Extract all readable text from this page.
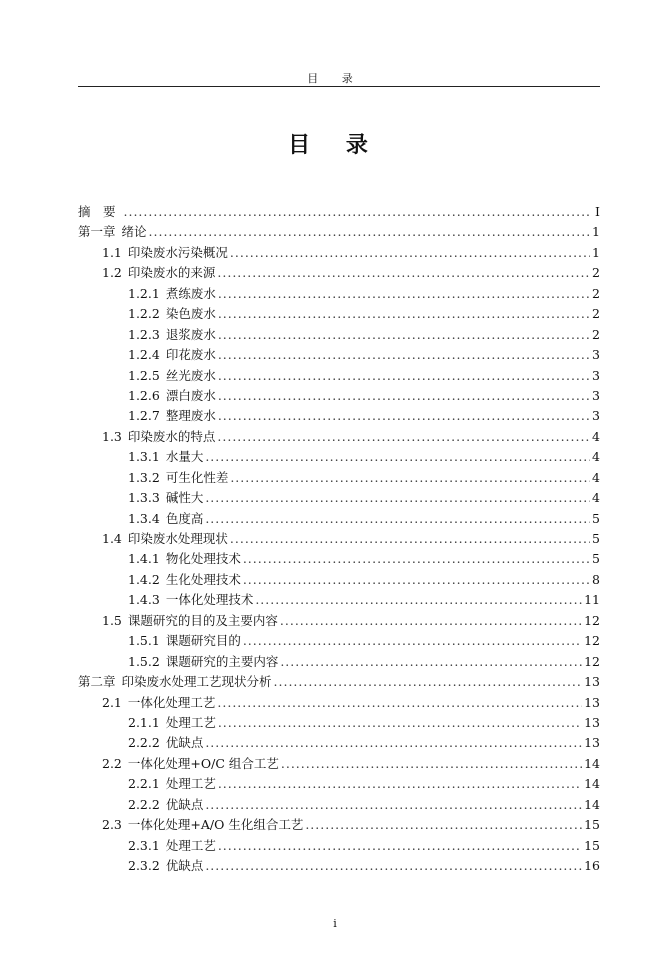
目 录
目 录
摘　要 .....	I
第一章 绪论 .....	1
1.1 印染废水污染概况 .....	1
1.2 印染废水的来源 .....	2
1.2.1 煮练废水 .....	2
1.2.2 染色废水 .....	2
1.2.3 退浆废水 .....	2
1.2.4 印花废水 .....	3
1.2.5 丝光废水 .....	3
1.2.6 漂白废水 .....	3
1.2.7 整理废水 .....	3
1.3 印染废水的特点 .....	4
1.3.1 水量大 .....	4
1.3.2 可生化性差 .....	4
1.3.3 碱性大 .....	4
1.3.4 色度高 .....	5
1.4 印染废水处理现状 .....	5
1.4.1 物化处理技术 .....	5
1.4.2 生化处理技术 .....	8
1.4.3 一体化处理技术 .....	11
1.5 课题研究的目的及主要内容 .....	12
1.5.1 课题研究目的 .....	12
1.5.2 课题研究的主要内容 .....	12
第二章 印染废水处理工艺现状分析 .....	13
2.1 一体化处理工艺 .....	13
2.1.1 处理工艺 .....	13
2.2.2 优缺点 .....	13
2.2 一体化处理+O/C 组合工艺 .....	14
2.2.1 处理工艺 .....	14
2.2.2 优缺点 .....	14
2.3 一体化处理+A/O 生化组合工艺 .....	15
2.3.1 处理工艺 .....	15
2.3.2 优缺点 .....	16
i
